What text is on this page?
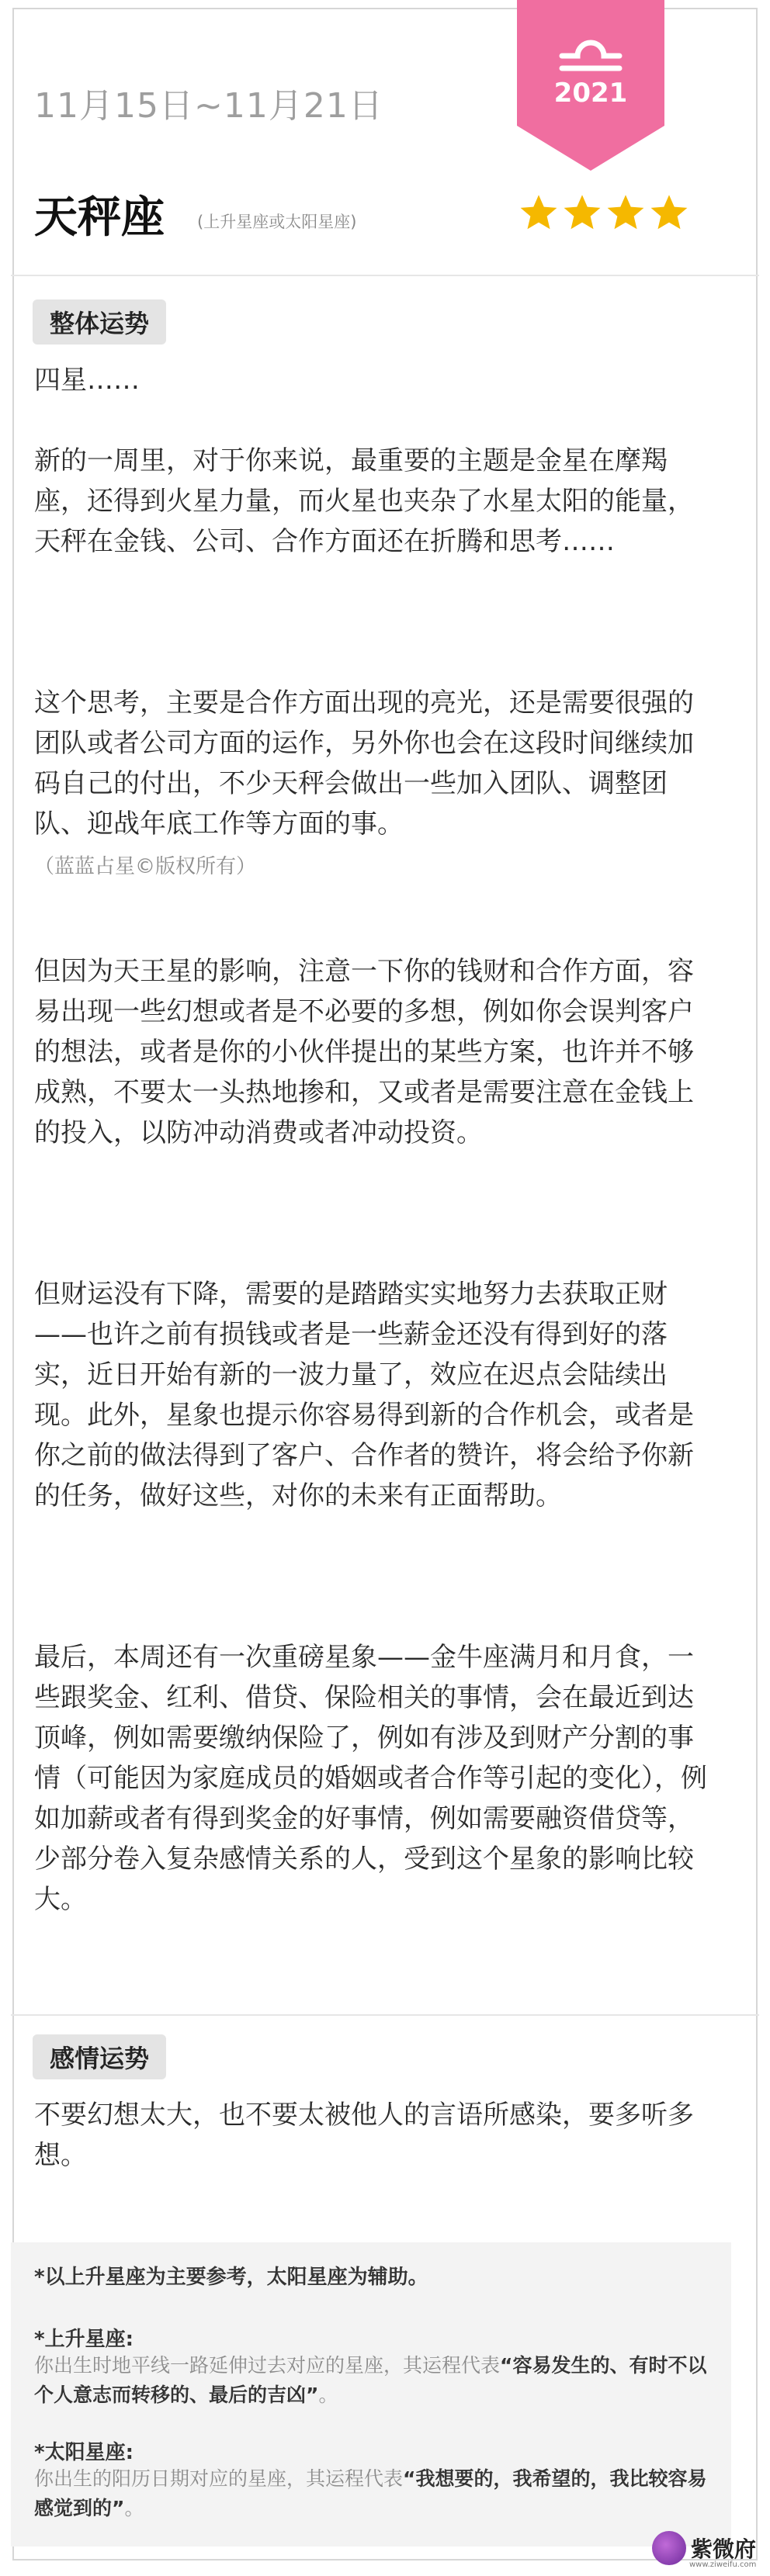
11月15日~11月21日	2021
天秤座 (上升星座或太阳星座)
整体运势
四星……
新的一周里，对于你来说，最重要的主题是金星在摩羯座，还得到火星力量，而火星也夹杂了水星太阳的能量，天秤在金钱、公司、合作方面还在折腾和思考……
这个思考，主要是合作方面出现的亮光，还是需要很强的团队或者公司方面的运作，另外你也会在这段时间继续加码自己的付出，不少天秤会做出一些加入团队、调整团队、迎战年底工作等方面的事。
（蓝蓝占星©版权所有）
但因为天王星的影响，注意一下你的钱财和合作方面，容易出现一些幻想或者是不必要的多想，例如你会误判客户的想法，或者是你的小伙伴提出的某些方案，也许并不够成熟，不要太一头热地掺和，又或者是需要注意在金钱上的投入，以防冲动消费或者冲动投资。
但财运没有下降，需要的是踏踏实实地努力去获取正财——也许之前有损钱或者是一些薪金还没有得到好的落实，近日开始有新的一波力量了，效应在迟点会陆续出现。此外，星象也提示你容易得到新的合作机会，或者是你之前的做法得到了客户、合作者的赞许，将会给予你新的任务，做好这些，对你的未来有正面帮助。
最后，本周还有一次重磅星象——金牛座满月和月食，一些跟奖金、红利、借贷、保险相关的事情，会在最近到达顶峰，例如需要缴纳保险了，例如有涉及到财产分割的事情（可能因为家庭成员的婚姻或者合作等引起的变化），例如加薪或者有得到奖金的好事情，例如需要融资借贷等，少部分卷入复杂感情关系的人，受到这个星象的影响比较大。
感情运势
不要幻想太大，也不要太被他人的言语所感染，要多听多想。
*以上升星座为主要参考，太阳星座为辅助。
*上升星座:
你出生时地平线一路延伸过去对应的星座，其运程代表“容易发生的、有时不以个人意志而转移的、最后的吉凶”。
*太阳星座:
你出生的阳历日期对应的星座，其运程代表“我想要的，我希望的，我比较容易感觉到的”。
紫微府
www.ziweifu.com
